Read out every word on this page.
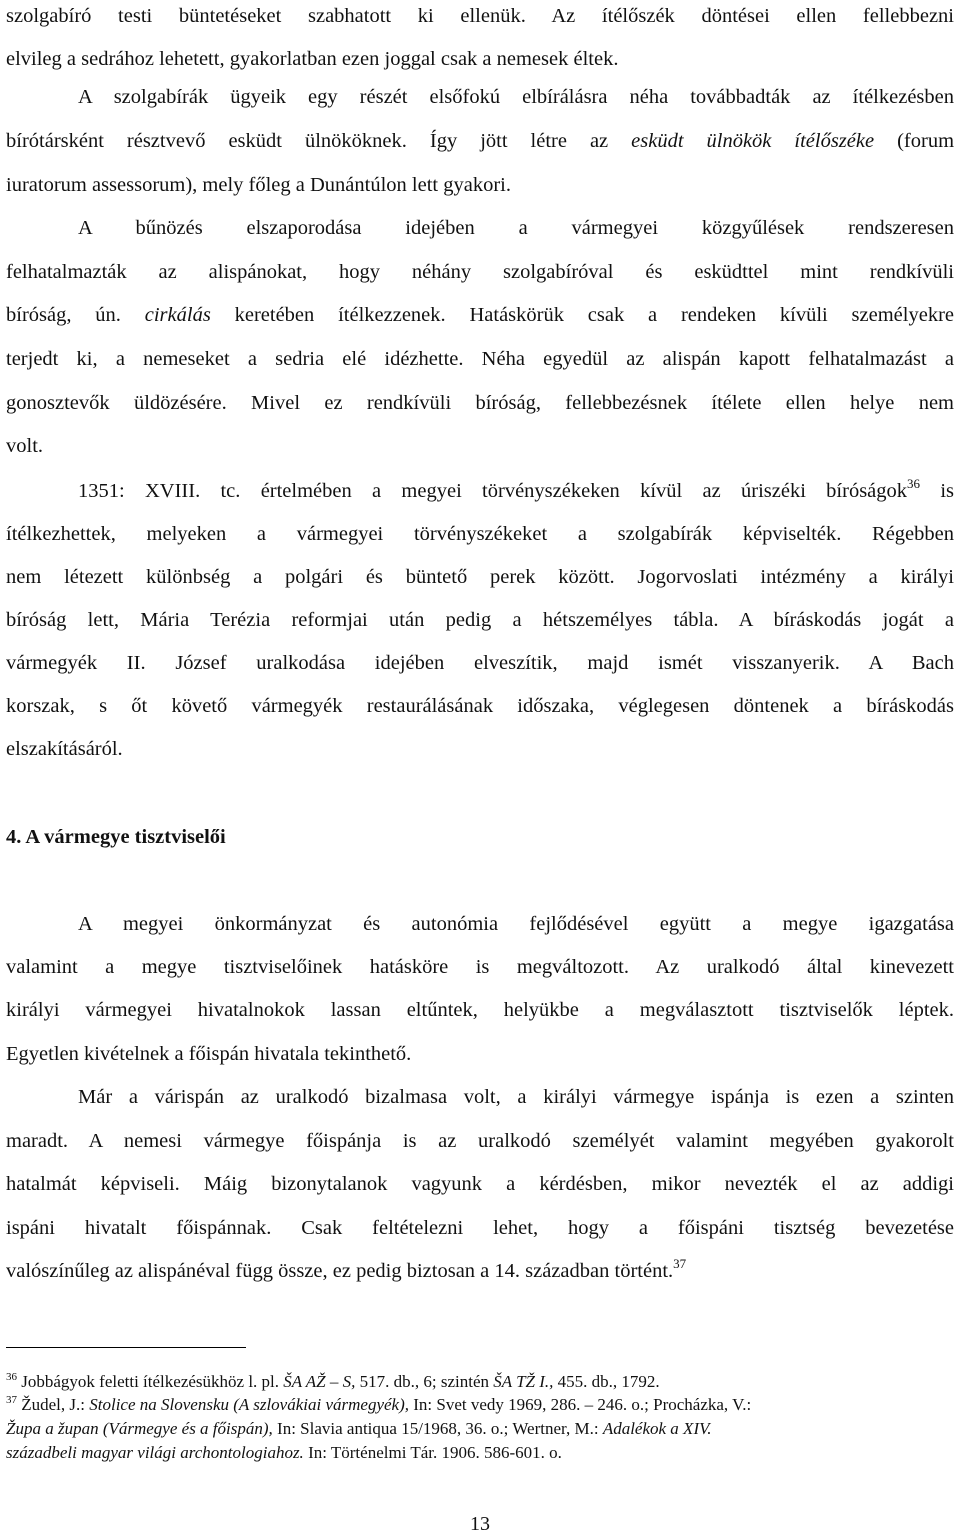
szolgabíró testi büntetéseket szabhatott ki ellenük. Az ítélőszék döntései ellen fellebbezni
elvileg a sedrához lehetett, gyakorlatban ezen joggal csak a nemesek éltek.
A szolgabírák ügyeik egy részét elsőfokú elbírálásra néha továbbadták az ítélkezésben
bírótársként résztvevő esküdt ülnököknek. Így jött létre az esküdt ülnökök ítélőszéke (forum
iuratorum assessorum), mely főleg a Dunántúlon lett gyakori.
A bűnözés elszaporodása idejében a vármegyei közgyűlések rendszeresen
felhatalmazták az alispánokat, hogy néhány szolgabíróval és esküdttel mint rendkívüli
bíróság, ún. cirkálás keretében ítélkezzenek. Hatáskörük csak a rendeken kívüli személyekre
terjedt ki, a nemeseket a sedria elé idézhette. Néha egyedül az alispán kapott felhatalmazást a
gonosztevők üldözésére. Mivel ez rendkívüli bíróság, fellebbezésnek ítélete ellen helye nem
volt.
1351: XVIII. tc. értelmében a megyei törvényszékeken kívül az úriszéki bíróságok$^{36}$ is
ítélkezhettek, melyeken a vármegyei törvényszékeket a szolgabírák képviselték. Régebben
nem létezett különbség a polgári és büntető perek között. Jogorvoslati intézmény a királyi
bíróság lett, Mária Terézia reformjai után pedig a hétszemélyes tábla. A bíráskodás jogát a
vármegyék II. József uralkodása idejében elveszítik, majd ismét visszanyerik. A Bach
korszak, s őt követő vármegyék restaurálásának időszaka, véglegesen döntenek a bíráskodás
elszakításáról.
4. A vármegye tisztviselői
A megyei önkormányzat és autonómia fejlődésével együtt a megye igazgatása
valamint a megye tisztviselőinek hatásköre is megváltozott. Az uralkodó által kinevezett
királyi vármegyei hivatalnokok lassan eltűntek, helyükbe a megválasztott tisztviselők léptek.
Egyetlen kivételnek a főispán hivatala tekinthető.
Már a várispán az uralkodó bizalmasa volt, a királyi vármegye ispánja is ezen a szinten
maradt. A nemesi vármegye főispánja is az uralkodó személyét valamint megyében gyakorolt
hatalmát képviseli. Máig bizonytalanok vagyunk a kérdésben, mikor nevezték el az addigi
ispáni hivatalt főispánnak. Csak feltételezni lehet, hogy a főispáni tisztség bevezetése
valószínűleg az alispánéval függ össze, ez pedig biztosan a 14. században történt.$^{37}$
$^{36}$ Jobbágyok feletti ítélkezésükhöz l. pl. ŠA AŽ – S, 517. db., 6; szintén ŠA TŽ I., 455. db., 1792.
$^{37}$ Žudel, J.: Stolice na Slovensku (A szlovákiai vármegyék), In: Svet vedy 1969, 286. – 246. o.; Procházka, V.:
Župa a župan (Vármegye és a főispán), In: Slavia antiqua 15/1968, 36. o.; Wertner, M.: Adalékok a XIV.
századbeli magyar világi archontologiahoz. In: Történelmi Tár. 1906. 586-601. o.
13
